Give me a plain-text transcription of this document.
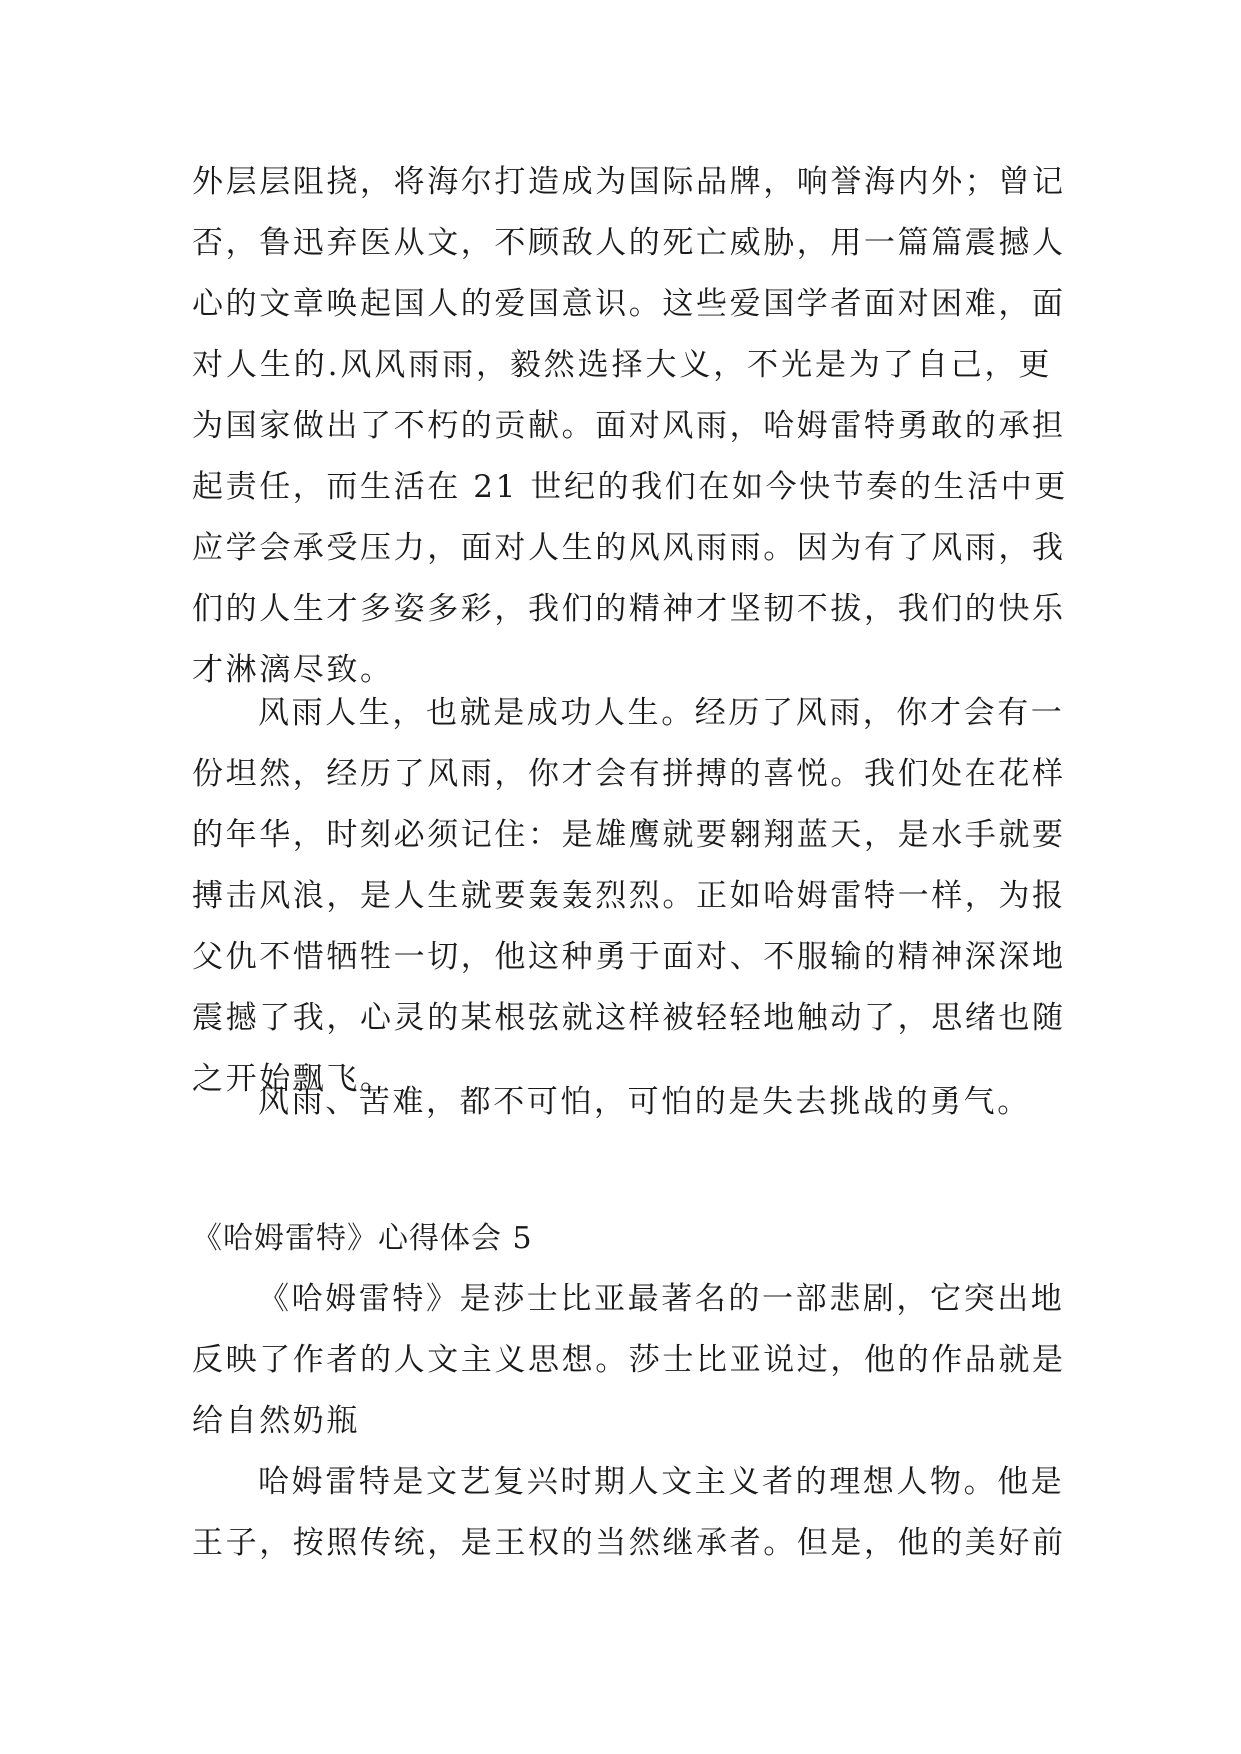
外层层阻挠，将海尔打造成为国际品牌，响誉海内外；曾记
否，鲁迅弃医从文，不顾敌人的死亡威胁，用一篇篇震撼人
心的文章唤起国人的爱国意识。这些爱国学者面对困难，面
对人生的.风风雨雨，毅然选择大义，不光是为了自己，更
为国家做出了不朽的贡献。面对风雨，哈姆雷特勇敢的承担
起责任，而生活在 21 世纪的我们在如今快节奏的生活中更
应学会承受压力，面对人生的风风雨雨。因为有了风雨，我
们的人生才多姿多彩，我们的精神才坚韧不拔，我们的快乐
才淋漓尽致。
风雨人生，也就是成功人生。经历了风雨，你才会有一
份坦然，经历了风雨，你才会有拼搏的喜悦。我们处在花样
的年华，时刻必须记住：是雄鹰就要翱翔蓝天，是水手就要
搏击风浪，是人生就要轰轰烈烈。正如哈姆雷特一样，为报
父仇不惜牺牲一切，他这种勇于面对、不服输的精神深深地
震撼了我，心灵的某根弦就这样被轻轻地触动了，思绪也随
之开始飘飞。
风雨、苦难，都不可怕，可怕的是失去挑战的勇气。
《哈姆雷特》心得体会 5
《哈姆雷特》是莎士比亚最著名的一部悲剧，它突出地
反映了作者的人文主义思想。莎士比亚说过，他的作品就是
给自然奶瓶
哈姆雷特是文艺复兴时期人文主义者的理想人物。他是
王子，按照传统，是王权的当然继承者。但是，他的美好前
